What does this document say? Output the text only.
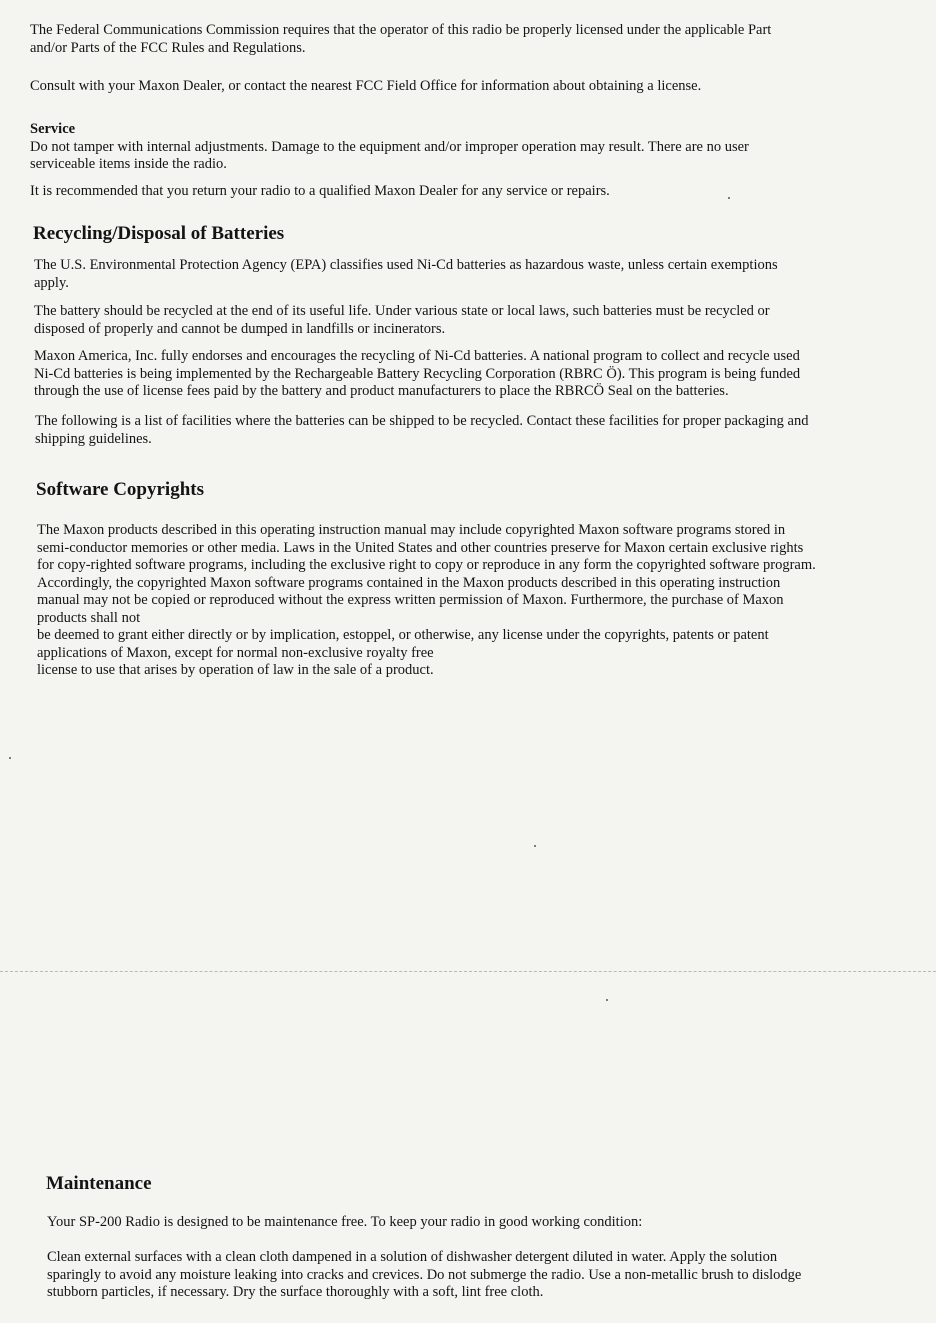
The Federal Communications Commission requires that the operator of this radio be properly licensed under the applicable Part
and/or Parts of the FCC Rules and Regulations.

Consult with your Maxon Dealer, or contact the nearest FCC Field Office for information about obtaining a license.

Service
Do not tamper with internal adjustments. Damage to the equipment and/or improper operation may result. There are no user
serviceable items inside the radio.

It is recommended that you return your radio to a qualified Maxon Dealer for any service or repairs.

Recycling/Disposal of Batteries

The U.S. Environmental Protection Agency (EPA) classifies used Ni-Cd batteries as hazardous waste, unless certain exemptions
apply.

The battery should be recycled at the end of its useful life. Under various state or local laws, such batteries must be recycled or
disposed of properly and cannot be dumped in landfills or incinerators.

Maxon America, Inc. fully endorses and encourages the recycling of Ni-Cd batteries. A national program to collect and recycle used
Ni-Cd batteries is being implemented by the Rechargeable Battery Recycling Corporation (RBRC Ö). This program is being funded
through the use of license fees paid by the battery and product manufacturers to place the RBRCÖ Seal on the batteries.

The following is a list of facilities where the batteries can be shipped to be recycled. Contact these facilities for proper packaging and
shipping guidelines.

Software Copyrights

The Maxon products described in this operating instruction manual may include copyrighted Maxon software programs stored in
semi-conductor memories or other media. Laws in the United States and other countries preserve for Maxon certain exclusive rights
for copy-righted software programs, including the exclusive right to copy or reproduce in any form the copyrighted software program.
Accordingly, the copyrighted Maxon software programs contained in the Maxon products described in this operating instruction
manual may not be copied or reproduced without the express written permission of Maxon. Furthermore, the purchase of Maxon
products shall not
be deemed to grant either directly or by implication, estoppel, or otherwise, any license under the copyrights, patents or patent
applications of Maxon, except for normal non-exclusive royalty free
license to use that arises by operation of law in the sale of a product.

Maintenance

Your SP-200 Radio is designed to be maintenance free. To keep your radio in good working condition:

Clean external surfaces with a clean cloth dampened in a solution of dishwasher detergent diluted in water. Apply the solution
sparingly to avoid any moisture leaking into cracks and crevices. Do not submerge the radio. Use a non-metallic brush to dislodge
stubborn particles, if necessary. Dry the surface thoroughly with a soft, lint free cloth.
